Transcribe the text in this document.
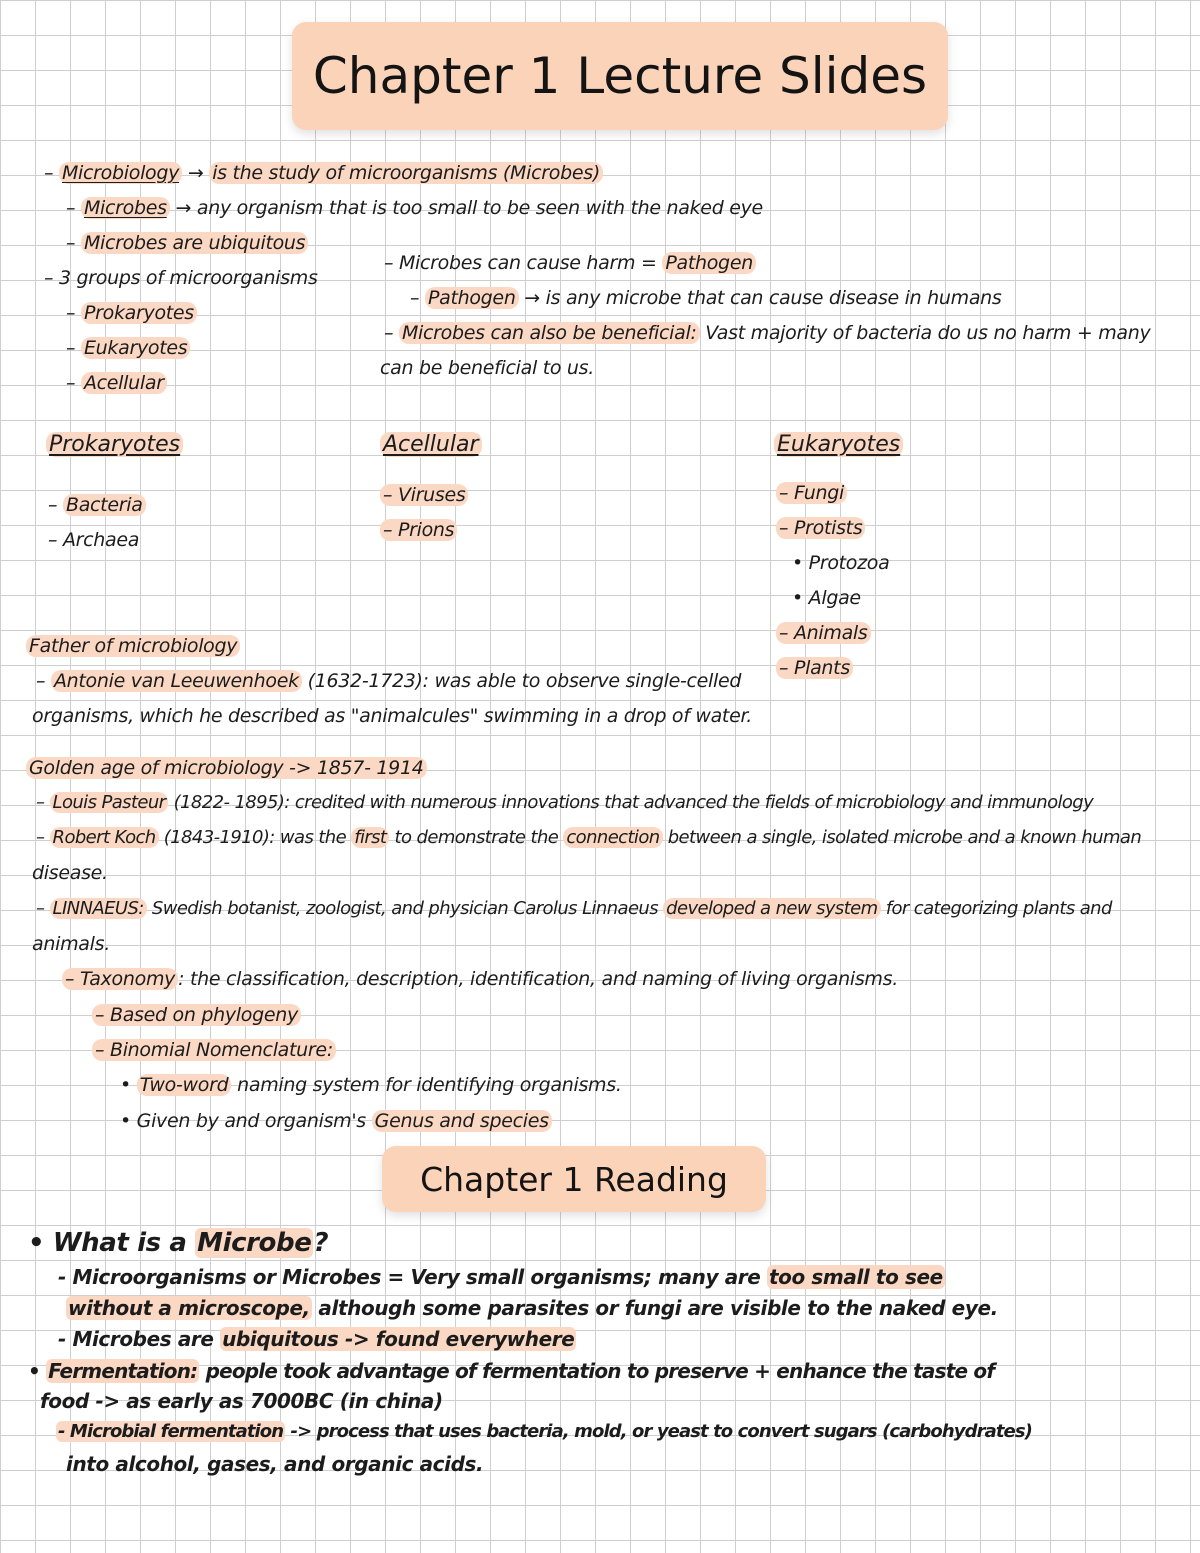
Chapter 1 Lecture Slides
– Microbiology → is the study of microorganisms (Microbes)
– Microbes → any organism that is too small to be seen with the naked eye
– Microbes are ubiquitous
– 3 groups of microorganisms
– Prokaryotes
– Eukaryotes
– Acellular
– Microbes can cause harm = Pathogen
– Pathogen → is any microbe that can cause disease in humans
– Microbes can also be beneficial: Vast majority of bacteria do us no harm + many
can be beneficial to us.
Prokaryotes
– Bacteria
– Archaea
Acellular
– Viruses
– Prions
Eukaryotes
– Fungi
– Protists
• Protozoa
• Algae
– Animals
– Plants
Father of microbiology
– Antonie van Leeuwenhoek (1632-1723): was able to observe single-celled
organisms, which he described as "animalcules" swimming in a drop of water.
Golden age of microbiology -> 1857- 1914
– Louis Pasteur (1822- 1895): credited with numerous innovations that advanced the fields of microbiology and immunology
– Robert Koch (1843-1910): was the first to demonstrate the connection between a single, isolated microbe and a known human
disease.
– LINNAEUS: Swedish botanist, zoologist, and physician Carolus Linnaeus developed a new system for categorizing plants and
animals.
– Taxonomy : the classification, description, identification, and naming of living organisms.
– Based on phylogeny
– Binomial Nomenclature:
• Two-word naming system for identifying organisms.
• Given by and organism's Genus and species
Chapter 1 Reading
• What is a Microbe?
- Microorganisms or Microbes = Very small organisms; many are too small to see
without a microscope, although some parasites or fungi are visible to the naked eye.
- Microbes are ubiquitous -> found everywhere
• Fermentation: people took advantage of fermentation to preserve + enhance the taste of
food -> as early as 7000BC (in china)
- Microbial fermentation -> process that uses bacteria, mold, or yeast to convert sugars (carbohydrates)
into alcohol, gases, and organic acids.
